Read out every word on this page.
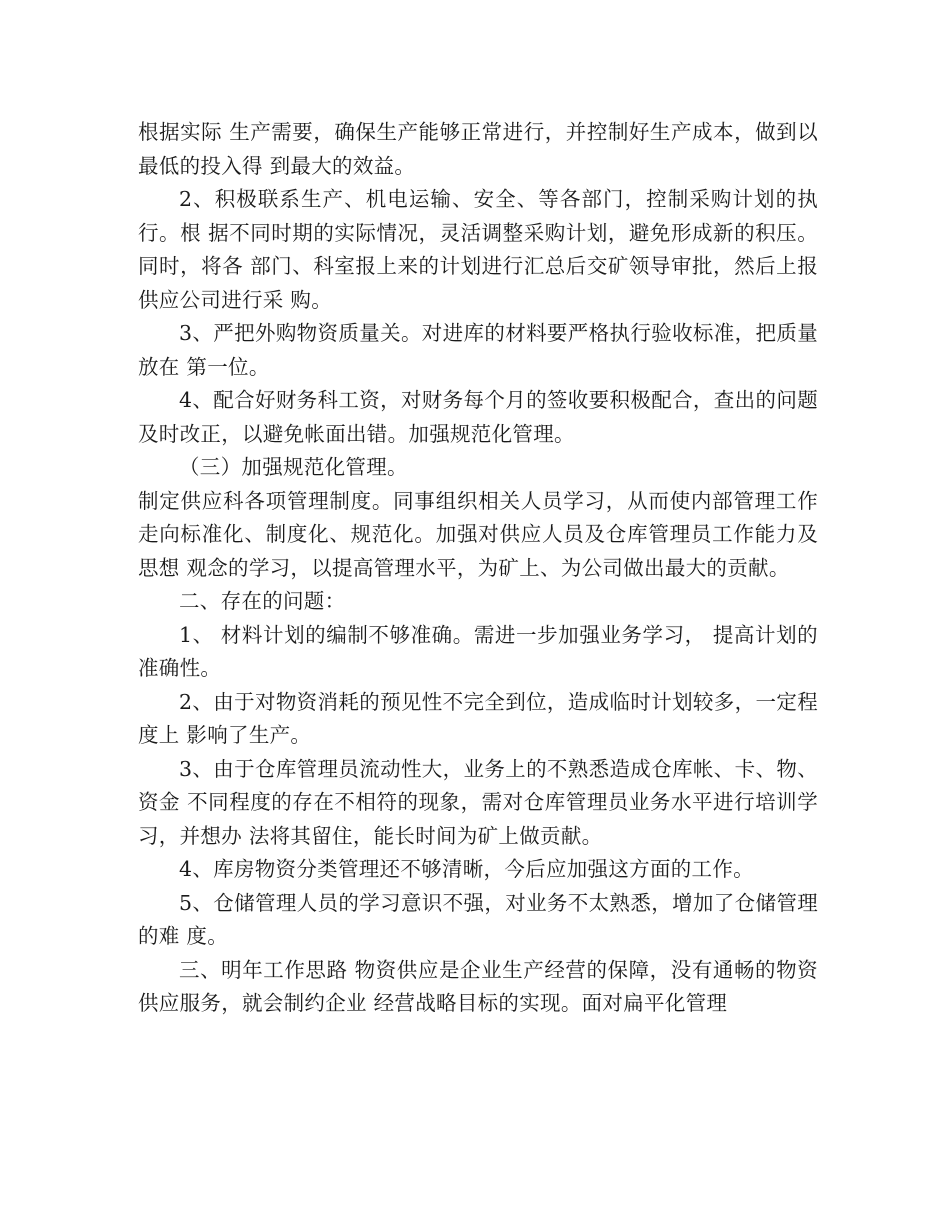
根据实际 生产需要，确保生产能够正常进行，并控制好生产成本，做到以最低的投入得 到最大的效益。

2、积极联系生产、机电运输、安全、等各部门，控制采购计划的执行。根 据不同时期的实际情况，灵活调整采购计划，避免形成新的积压。同时，将各 部门、科室报上来的计划进行汇总后交矿领导审批，然后上报供应公司进行采 购。

3、严把外购物资质量关。对进库的材料要严格执行验收标准，把质量放在 第一位。

4、配合好财务科工资，对财务每个月的签收要积极配合，查出的问题及时改正，以避免帐面出错。加强规范化管理。

（三）加强规范化管理。

制定供应科各项管理制度。同事组织相关人员学习，从而使内部管理工作 走向标准化、制度化、规范化。加强对供应人员及仓库管理员工作能力及思想 观念的学习，以提高管理水平，为矿上、为公司做出最大的贡献。

二、存在的问题：

1、 材料计划的编制不够准确。需进一步加强业务学习， 提高计划的准确性。

2、由于对物资消耗的预见性不完全到位，造成临时计划较多，一定程度上 影响了生产。

3、由于仓库管理员流动性大，业务上的不熟悉造成仓库帐、卡、物、资金 不同程度的存在不相符的现象，需对仓库管理员业务水平进行培训学习，并想办 法将其留住，能长时间为矿上做贡献。

4、库房物资分类管理还不够清晰，今后应加强这方面的工作。

5、仓储管理人员的学习意识不强，对业务不太熟悉，增加了仓储管理的难 度。

三、明年工作思路 物资供应是企业生产经营的保障，没有通畅的物资供应服务，就会制约企业 经营战略目标的实现。面对扁平化管理
